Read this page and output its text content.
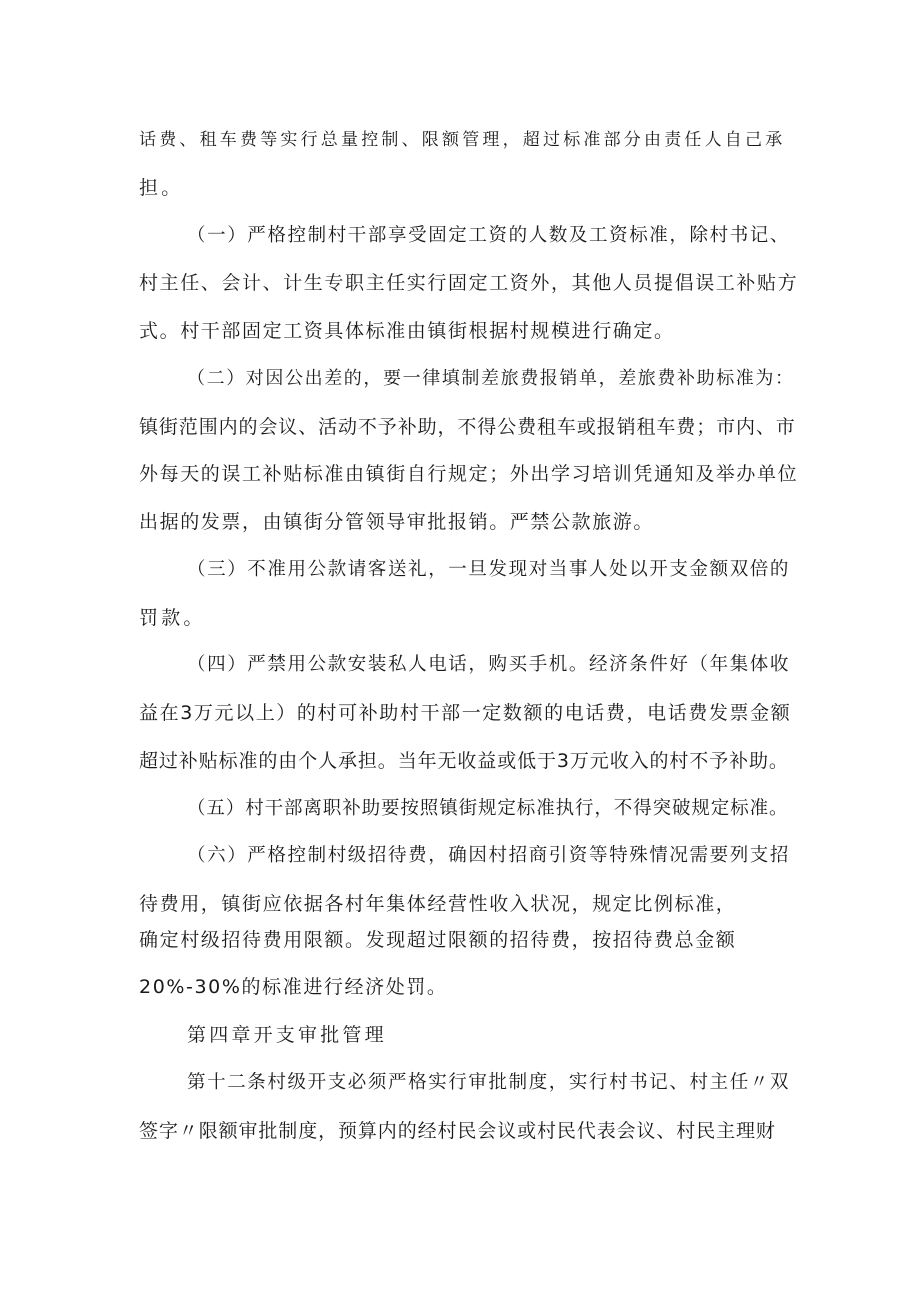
话费、租车费等实行总量控制、限额管理，超过标准部分由责任人自己承
担。
（一）严格控制村干部享受固定工资的人数及工资标准，除村书记、
村主任、会计、计生专职主任实行固定工资外，其他人员提倡误工补贴方
式。村干部固定工资具体标准由镇街根据村规模进行确定。
（二）对因公出差的，要一律填制差旅费报销单，差旅费补助标准为：
镇街范围内的会议、活动不予补助，不得公费租车或报销租车费；市内、市
外每天的误工补贴标准由镇街自行规定；外出学习培训凭通知及举办单位
出据的发票，由镇街分管领导审批报销。严禁公款旅游。
（三）不准用公款请客送礼，一旦发现对当事人处以开支金额双倍的
罚款。
（四）严禁用公款安装私人电话，购买手机。经济条件好（年集体收
益在3万元以上）的村可补助村干部一定数额的电话费，电话费发票金额
超过补贴标准的由个人承担。当年无收益或低于3万元收入的村不予补助。
（五）村干部离职补助要按照镇街规定标准执行，不得突破规定标准。
（六）严格控制村级招待费，确因村招商引资等特殊情况需要列支招
待费用，镇街应依据各村年集体经营性收入状况，规定比例标准，
确定村级招待费用限额。发现超过限额的招待费，按招待费总金额
20%-30%的标准进行经济处罚。
第四章开支审批管理
第十二条村级开支必须严格实行审批制度，实行村书记、村主任〃双
签字〃限额审批制度，预算内的经村民会议或村民代表会议、村民主理财
